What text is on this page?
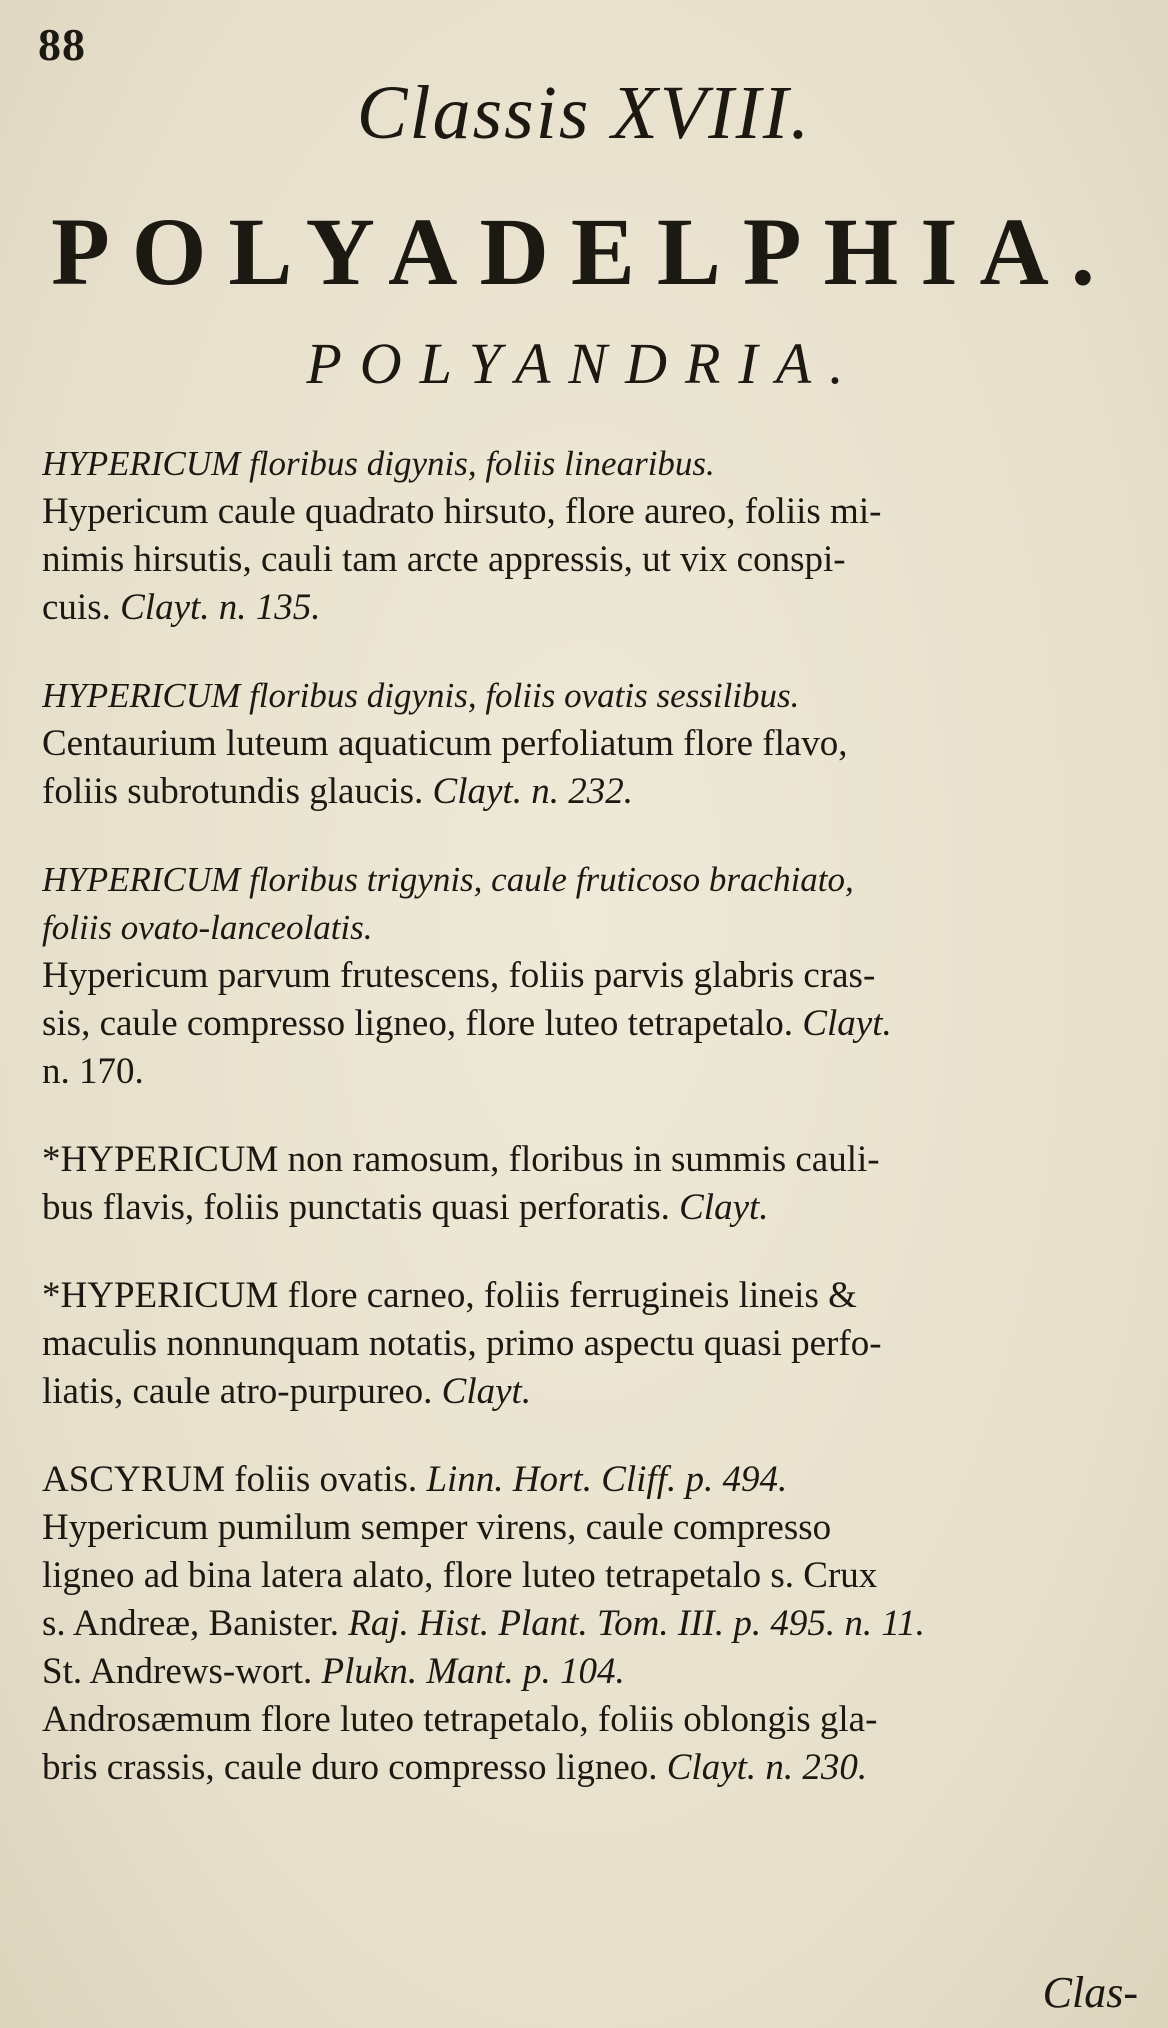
88
Classis XVIII.
POLYADELPHIA.
POLYANDRIA.
HYPERICUM floribus digynis, foliis linearibus.
Hypericum caule quadrato hirsuto, flore aureo, foliis mi-
nimis hirsutis, cauli tam arcte appressis, ut vix conspi-
cuis. Clayt. n. 135.
HYPERICUM floribus digynis, foliis ovatis sessilibus.
Centaurium luteum aquaticum perfoliatum flore flavo,
foliis subrotundis glaucis. Clayt. n. 232.
HYPERICUM floribus trigynis, caule fruticoso brachiato,
foliis ovato-lanceolatis.
Hypericum parvum frutescens, foliis parvis glabris cras-
sis, caule compresso ligneo, flore luteo tetrapetalo. Clayt.
n. 170.
*HYPERICUM non ramosum, floribus in summis cauli-
bus flavis, foliis punctatis quasi perforatis. Clayt.
*HYPERICUM flore carneo, foliis ferrugineis lineis &
maculis nonnunquam notatis, primo aspectu quasi perfo-
liatis, caule atro-purpureo. Clayt.
ASCYRUM foliis ovatis. Linn. Hort. Cliff. p. 494.
Hypericum pumilum semper virens, caule compresso
ligneo ad bina latera alato, flore luteo tetrapetalo s. Crux
s. Andreæ, Banister. Raj. Hist. Plant. Tom. III. p. 495. n. 11.
St. Andrews-wort. Plukn. Mant. p. 104.
Androsæmum flore luteo tetrapetalo, foliis oblongis gla-
bris crassis, caule duro compresso ligneo. Clayt. n. 230.
Clas-
